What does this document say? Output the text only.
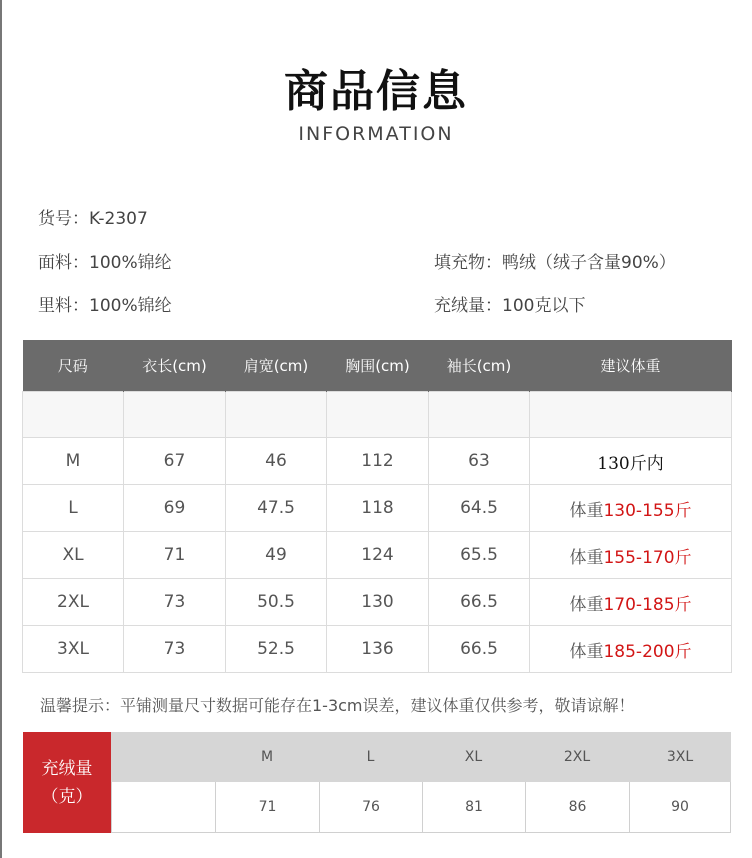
商品信息
INFORMATION
货号：K-2307
面料：100%锦纶
里料：100%锦纶
填充物：鸭绒（绒子含量90%）
充绒量：100克以下
尺码	衣长(cm)	肩宽(cm)	胸围(cm)	袖长(cm)	建议体重

M	67	46	112	63	130斤内
L	69	47.5	118	64.5	体重130-155斤
XL	71	49	124	65.5	体重155-170斤
2XL	73	50.5	130	66.5	体重170-185斤
3XL	73	52.5	136	66.5	体重185-200斤
温馨提示：平铺测量尺寸数据可能存在1-3cm误差，建议体重仅供参考，敬请谅解！
充绒量
（克）
M	L	XL	2XL	3XL
71	76	81	86	90
